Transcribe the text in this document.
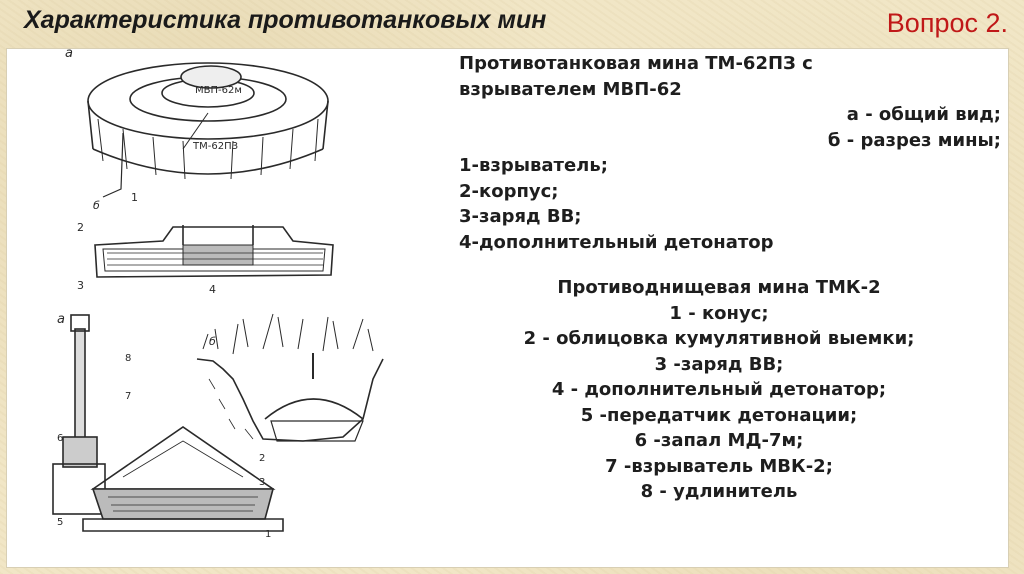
Характеристика противотанковых мин	Вопрос 2.
а
МВП-62м
ТМ-62ПЗ
б
1
2
3	4
б
а
8
7
6
5
2
3
1
Противотанковая мина ТМ-62ПЗ с
взрывателем МВП-62
а - общий вид;
б - разрез мины;
1-взрыватель;
2-корпус;
3-заряд ВВ;
4-дополнительный детонатор
Противоднищевая мина ТМК-2
1 - конус;
2 - облицовка кумулятивной выемки;
3 -заряд ВВ;
4 - дополнительный детонатор;
5 -передатчик детонации;
6 -запал МД-7м;
7 -взрыватель МВК-2;
8 - удлинитель
